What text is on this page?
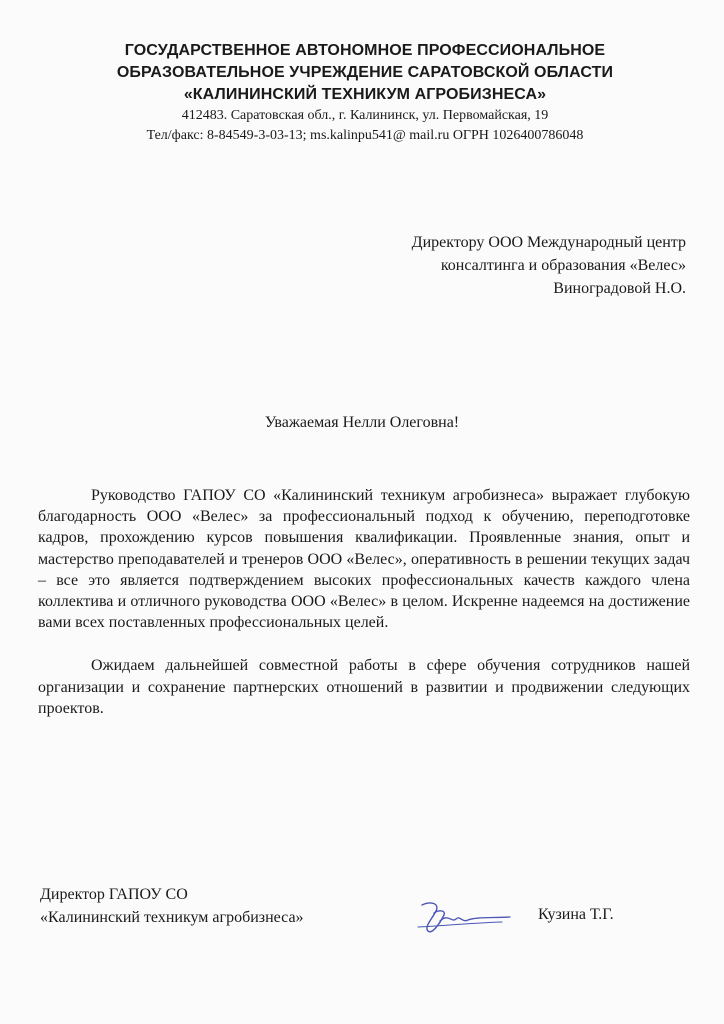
ГОСУДАРСТВЕННОЕ АВТОНОМНОЕ ПРОФЕССИОНАЛЬНОЕ
ОБРАЗОВАТЕЛЬНОЕ УЧРЕЖДЕНИЕ САРАТОВСКОЙ ОБЛАСТИ
«КАЛИНИНСКИЙ ТЕХНИКУМ АГРОБИЗНЕСА»
412483. Саратовская обл., г. Калининск, ул. Первомайская, 19
Тел/факс: 8-84549-3-03-13; ms.kalinpu541@ mail.ru ОГРН 1026400786048
Директору ООО Международный центр
консалтинга и образования «Велес»
Виноградовой Н.О.
Уважаемая Нелли Олеговна!

Руководство ГАПОУ СО «Калининский техникум агробизнеса» выражает глубокую благодарность ООО «Велес» за профессиональный подход к обучению, переподготовке кадров, прохождению курсов повышения квалификации. Проявленные знания, опыт и мастерство преподавателей и тренеров ООО «Велес», оперативность в решении текущих задач – все это является подтверждением высоких профессиональных качеств каждого члена коллектива и отличного руководства ООО «Велес» в целом. Искренне надеемся на достижение вами всех поставленных профессиональных целей.

Ожидаем дальнейшей совместной работы в сфере обучения сотрудников нашей организации и сохранение партнерских отношений в развитии и продвижении следующих проектов.

Директор ГАПОУ СО
«Калининский техникум агробизнеса»	Кузина Т.Г.
